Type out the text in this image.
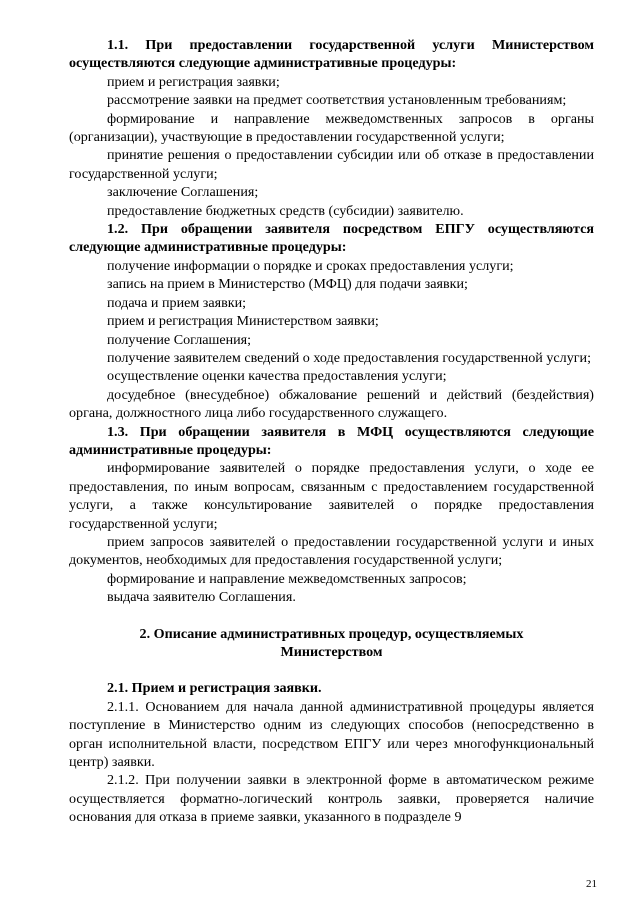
1.1. При предоставлении государственной услуги Министерством осуществляются следующие административные процедуры:

прием и регистрация заявки;

рассмотрение заявки на предмет соответствия установленным требованиям;

формирование и направление межведомственных запросов в органы (организации), участвующие в предоставлении государственной услуги;

принятие решения о предоставлении субсидии или об отказе в предоставлении государственной услуги;

заключение Соглашения;

предоставление бюджетных средств (субсидии) заявителю.

1.2. При обращении заявителя посредством ЕПГУ осуществляются следующие административные процедуры:

получение информации о порядке и сроках предоставления услуги;

запись на прием в Министерство (МФЦ) для подачи заявки;

подача и прием заявки;

прием и регистрация Министерством заявки;

получение Соглашения;

получение заявителем сведений о ходе предоставления государственной услуги;

осуществление оценки качества предоставления услуги;

досудебное (внесудебное) обжалование решений и действий (бездействия) органа, должностного лица либо государственного служащего.

1.3. При обращении заявителя в МФЦ осуществляются следующие административные процедуры:

информирование заявителей о порядке предоставления услуги, о ходе ее предоставления, по иным вопросам, связанным с предоставлением государственной услуги, а также консультирование заявителей о порядке предоставления государственной услуги;

прием запросов заявителей о предоставлении государственной услуги и иных документов, необходимых для предоставления государственной услуги;

формирование и направление межведомственных запросов;

выдача заявителю Соглашения.

2. Описание административных процедур, осуществляемых

Министерством

2.1. Прием и регистрация заявки.

2.1.1. Основанием для начала данной административной процедуры является поступление в Министерство одним из следующих способов (непосредственно в орган исполнительной власти, посредством ЕПГУ или через многофункциональный центр) заявки.

2.1.2. При получении заявки в электронной форме в автоматическом режиме осуществляется форматно-логический контроль заявки, проверяется наличие основания для отказа в приеме заявки, указанного в подразделе 9

21
